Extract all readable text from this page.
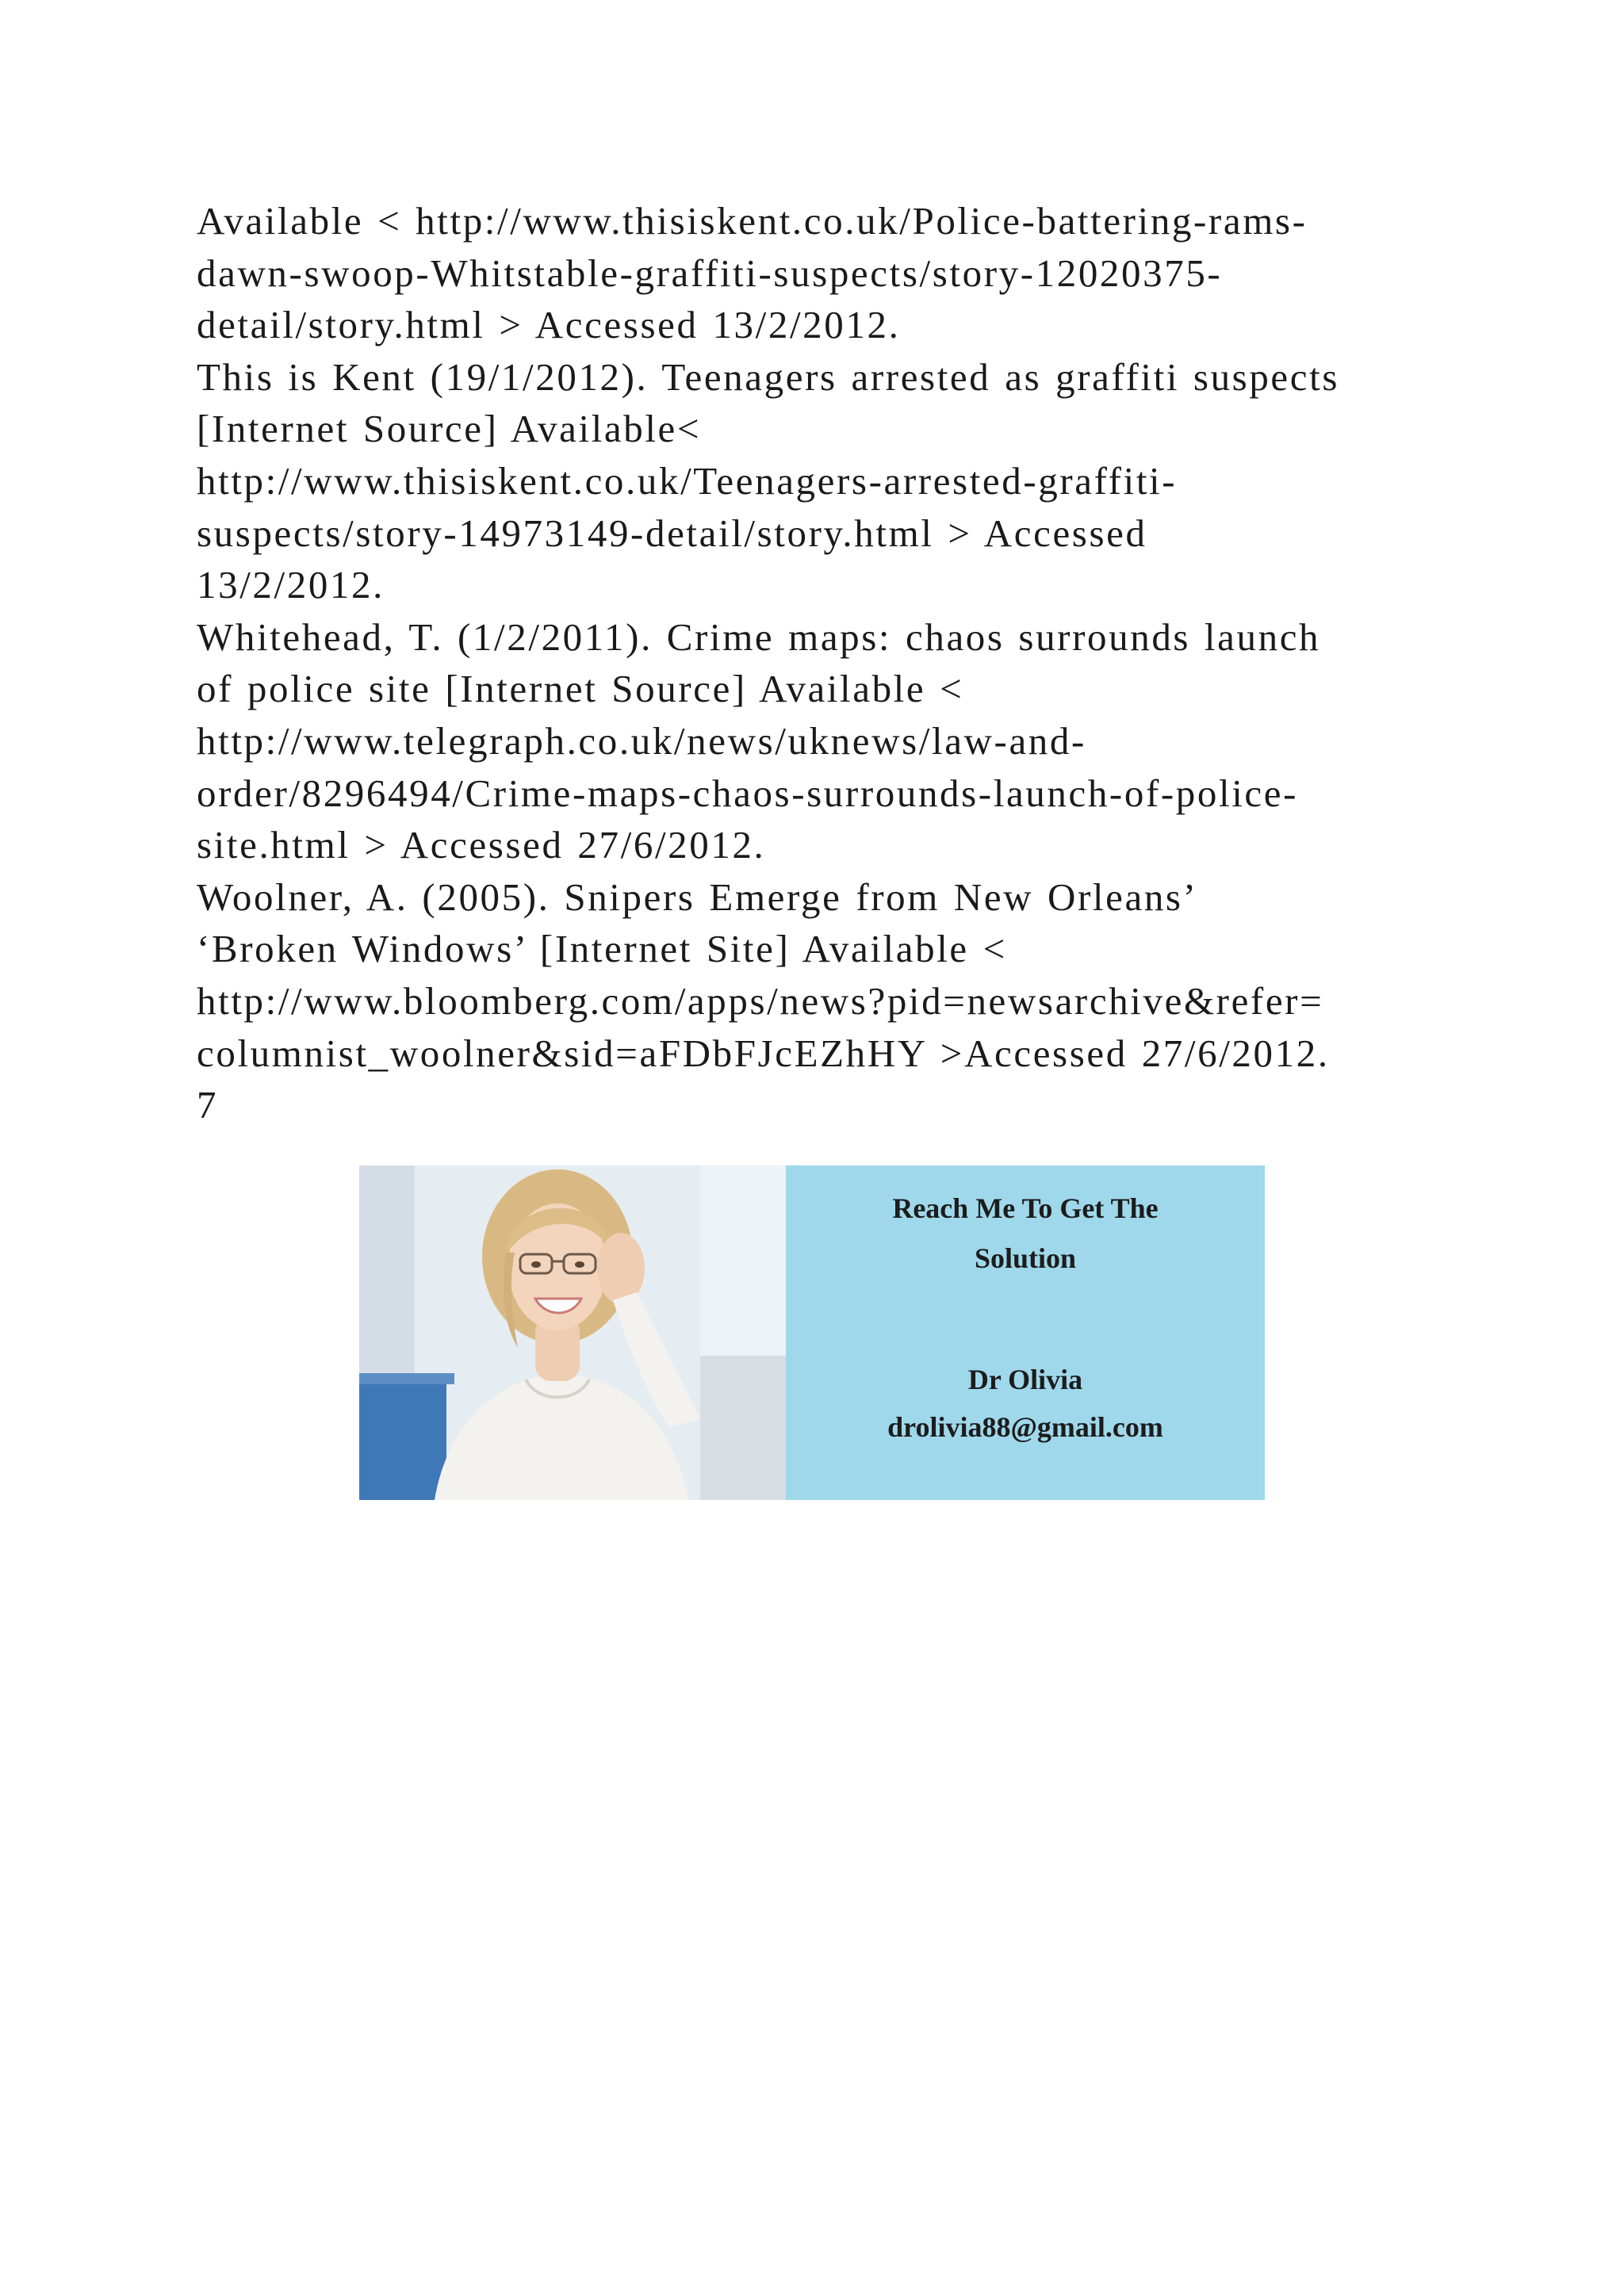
Available < http://www.thisiskent.co.uk/Police-battering-rams-
dawn-swoop-Whitstable-graffiti-suspects/story-12020375-
detail/story.html > Accessed 13/2/2012.
This is Kent (19/1/2012). Teenagers arrested as graffiti suspects
[Internet Source] Available<
http://www.thisiskent.co.uk/Teenagers-arrested-graffiti-
suspects/story-14973149-detail/story.html > Accessed
13/2/2012.
Whitehead, T. (1/2/2011). Crime maps: chaos surrounds launch
of police site [Internet Source] Available <
http://www.telegraph.co.uk/news/uknews/law-and-
order/8296494/Crime-maps-chaos-surrounds-launch-of-police-
site.html > Accessed 27/6/2012.
Woolner, A. (2005). Snipers Emerge from New Orleans’
‘Broken Windows’ [Internet Site] Available <
http://www.bloomberg.com/apps/news?pid=newsarchive&refer=
columnist_woolner&sid=aFDbFJcEZhHY >Accessed 27/6/2012.
7
Reach Me To Get The
Solution
Dr Olivia
drolivia88@gmail.com
